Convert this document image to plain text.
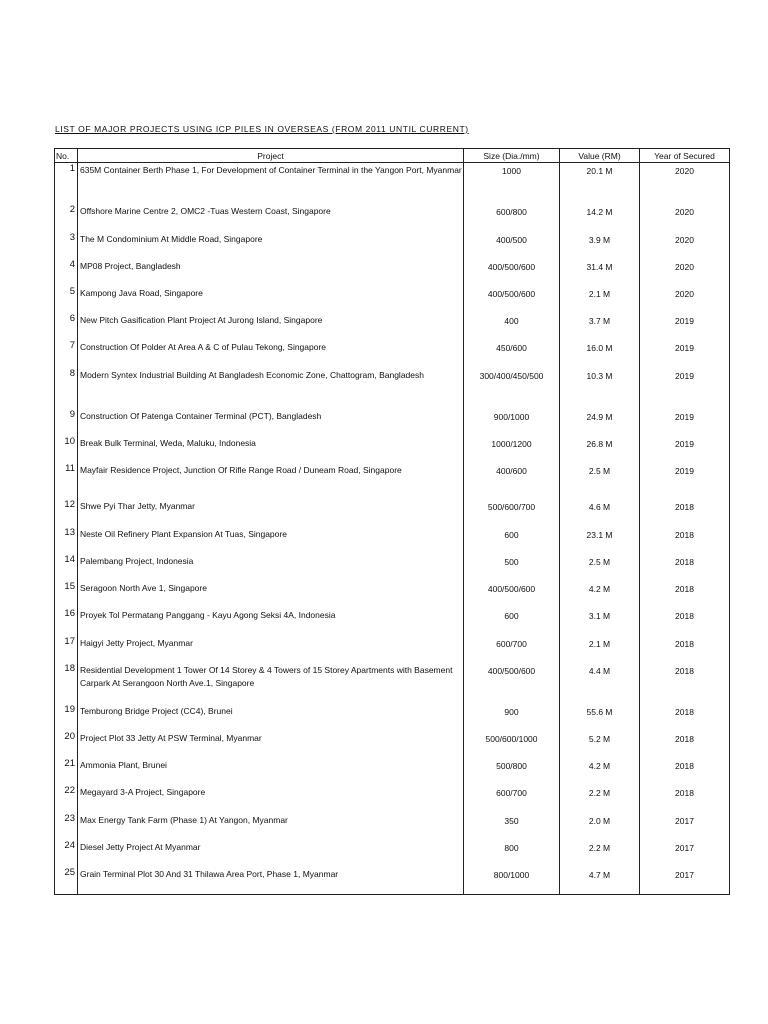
LIST OF MAJOR PROJECTS USING ICP PILES IN OVERSEAS (FROM 2011 UNTIL CURRENT)
No.	Project	Size (Dia./mm)	Value (RM)	Year of Secured
1	635M Container Berth Phase 1, For Development of Container Terminal in the Yangon Port, Myanmar	1000	20.1 M	2020
2	Offshore Marine Centre 2, OMC2 -Tuas Western Coast, Singapore	600/800	14.2 M	2020
3	The M Condominium At Middle Road, Singapore	400/500	3.9 M	2020
4	MP08 Project, Bangladesh	400/500/600	31.4 M	2020
5	Kampong Java Road, Singapore	400/500/600	2.1 M	2020
6	New Pitch Gasification Plant Project At Jurong Island, Singapore	400	3.7 M	2019
7	Construction Of Polder At Area A & C of Pulau Tekong, Singapore	450/600	16.0 M	2019
8	Modern Syntex Industrial Building At Bangladesh Economic Zone, Chattogram, Bangladesh	300/400/450/500	10.3 M	2019
9	Construction Of Patenga Container Terminal (PCT), Bangladesh	900/1000	24.9 M	2019
10	Break Bulk Terminal, Weda, Maluku, Indonesia	1000/1200	26.8 M	2019
11	Mayfair Residence Project, Junction Of Rifle Range Road / Duneam Road, Singapore	400/600	2.5 M	2019
12	Shwe Pyi Thar Jetty, Myanmar	500/600/700	4.6 M	2018
13	Neste Oil Refinery Plant Expansion At Tuas, Singapore	600	23.1 M	2018
14	Palembang Project, Indonesia	500	2.5 M	2018
15	Seragoon North Ave 1, Singapore	400/500/600	4.2 M	2018
16	Proyek Tol Permatang Panggang - Kayu Agong Seksi 4A, Indonesia	600	3.1 M	2018
17	Haigyi Jetty Project, Myanmar	600/700	2.1 M	2018
18	Residential Development 1 Tower Of 14 Storey & 4 Towers of 15 Storey Apartments with Basement Carpark At Serangoon North Ave.1, Singapore	400/500/600	4.4 M	2018
19	Temburong Bridge Project (CC4), Brunei	900	55.6 M	2018
20	Project Plot 33 Jetty At PSW Terminal, Myanmar	500/600/1000	5.2 M	2018
21	Ammonia Plant, Brunei	500/800	4.2 M	2018
22	Megayard 3-A Project, Singapore	600/700	2.2 M	2018
23	Max Energy Tank Farm (Phase 1) At Yangon, Myanmar	350	2.0 M	2017
24	Diesel Jetty Project At Myanmar	800	2.2 M	2017
25	Grain Terminal Plot 30 And 31 Thilawa Area Port, Phase 1, Myanmar	800/1000	4.7 M	2017
